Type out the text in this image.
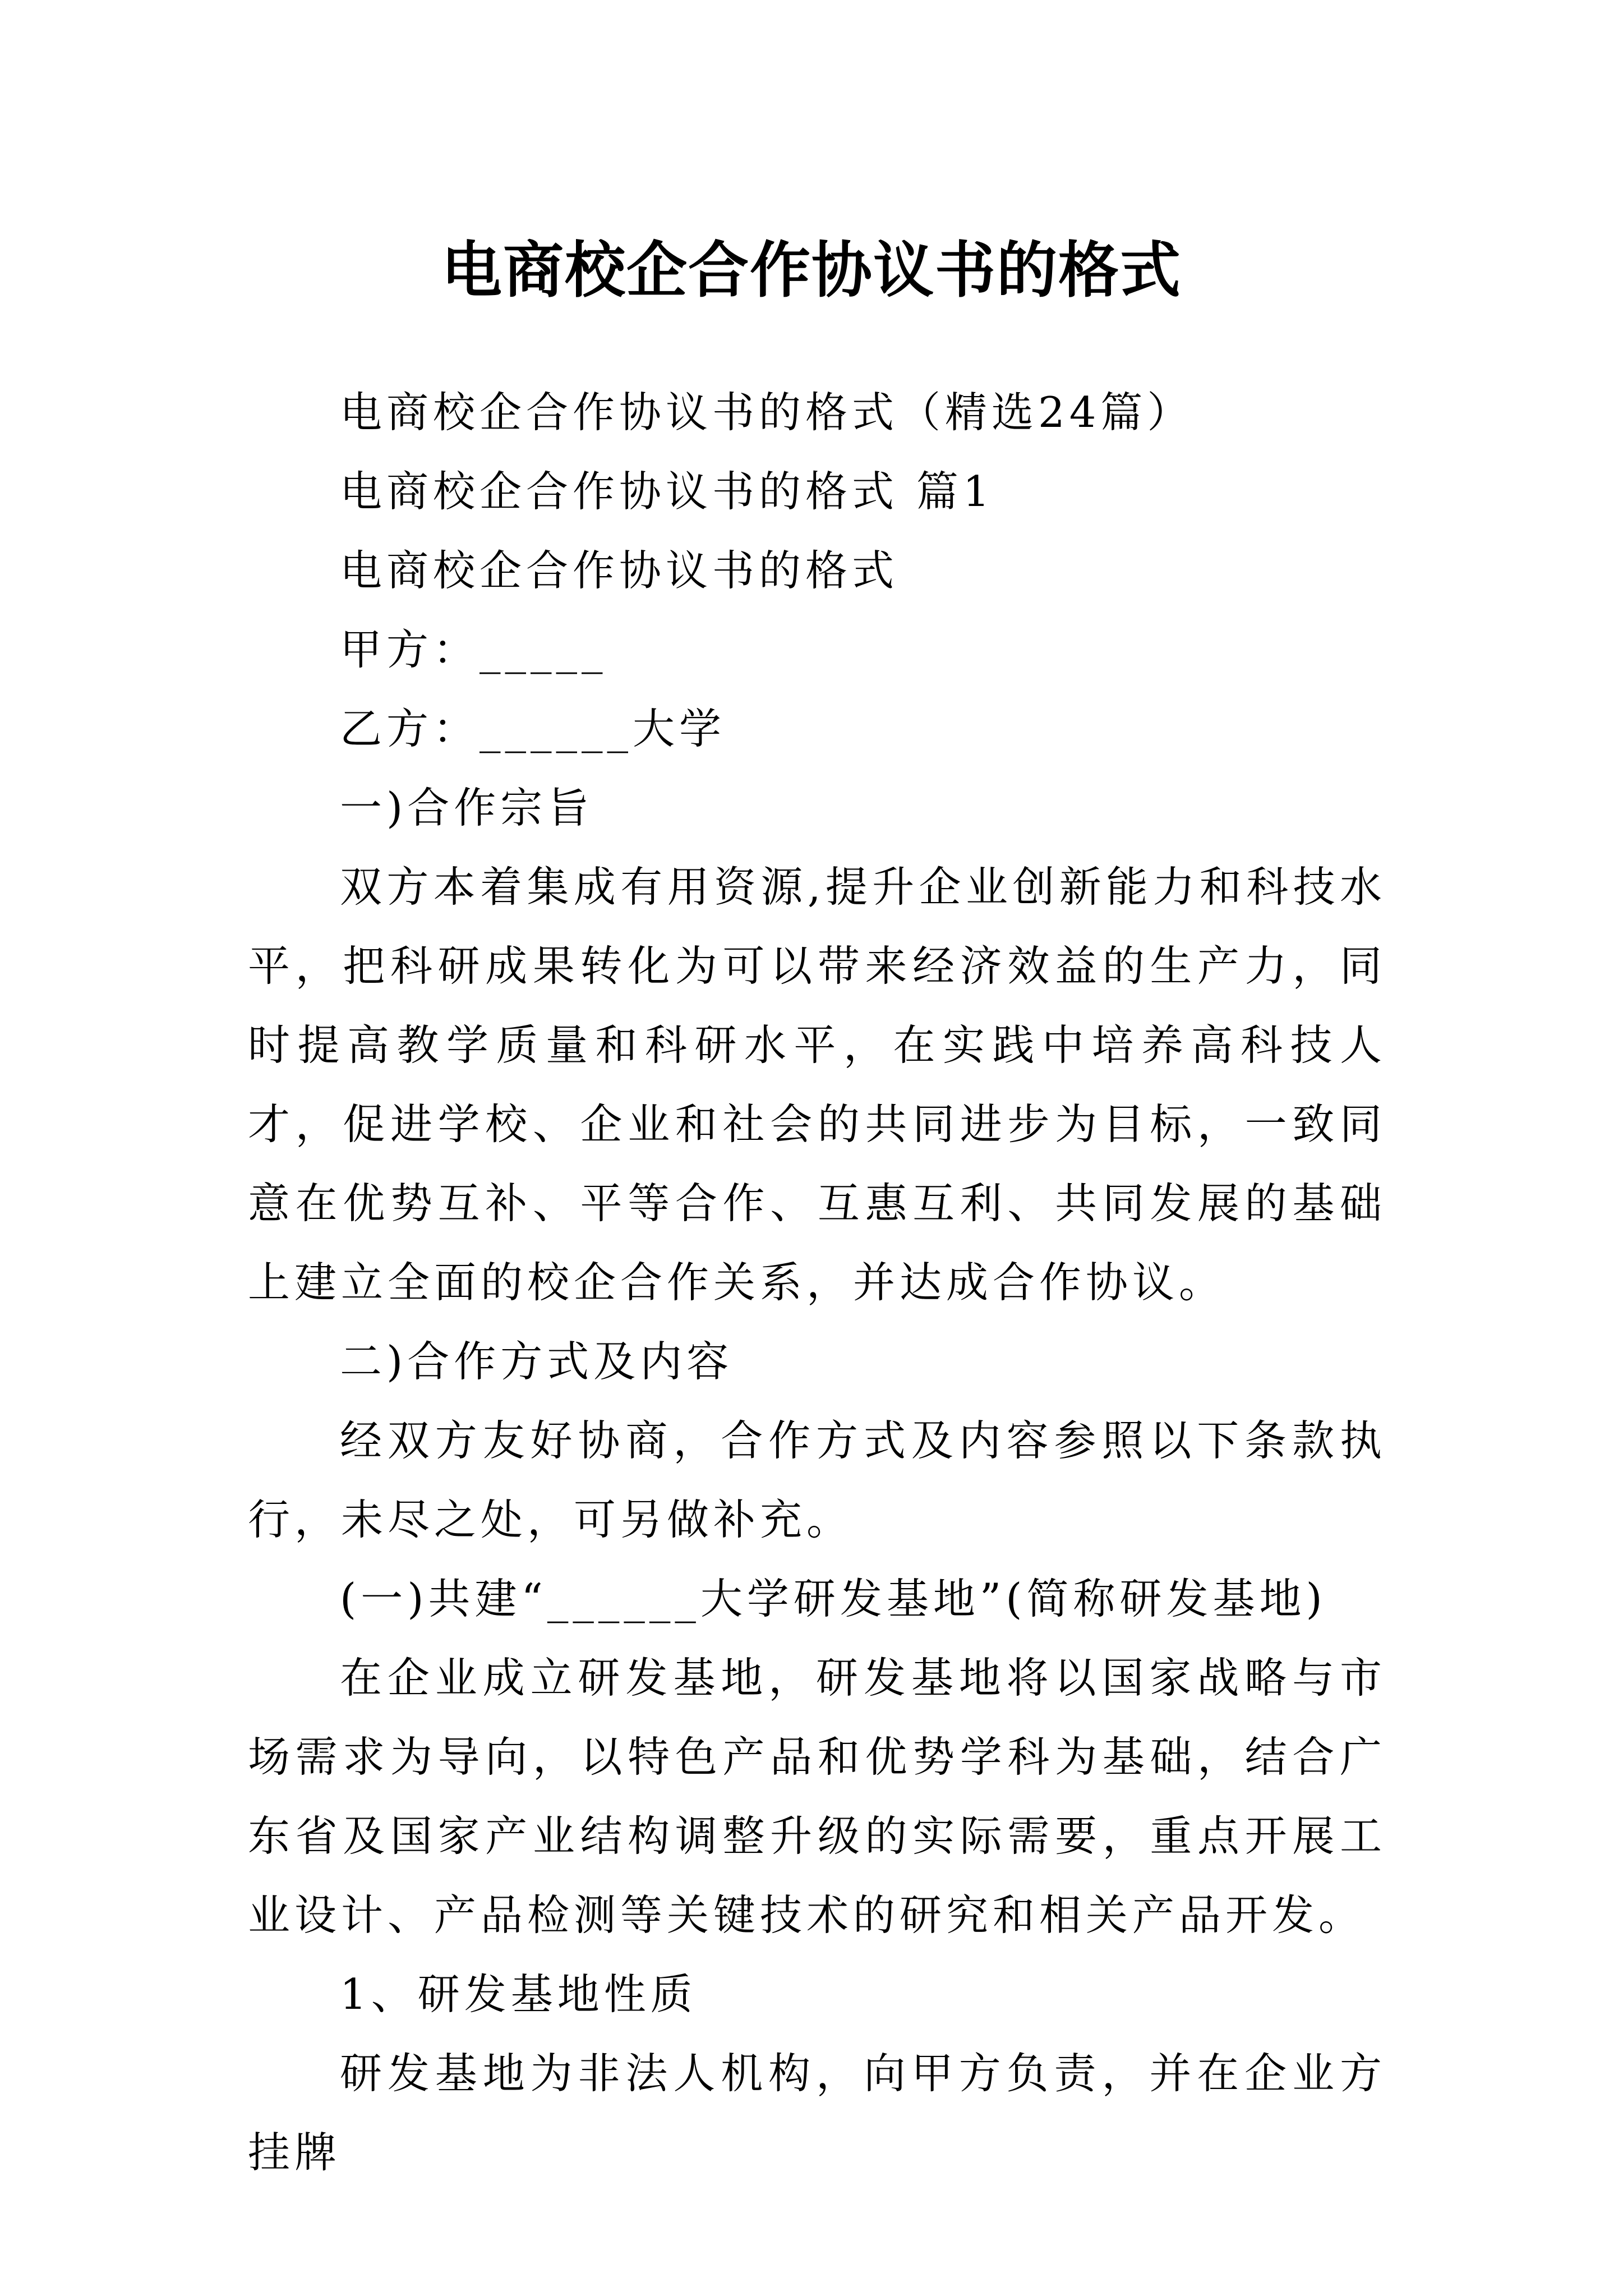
电商校企合作协议书的格式

电商校企合作协议书的格式（精选24篇）

电商校企合作协议书的格式 篇1

电商校企合作协议书的格式

甲方：_____

乙方：______大学

一)合作宗旨

双方本着集成有用资源,提升企业创新能力和科技水平，把科研成果转化为可以带来经济效益的生产力，同时提高教学质量和科研水平，在实践中培养高科技人才，促进学校、企业和社会的共同进步为目标，一致同意在优势互补、平等合作、互惠互利、共同发展的基础上建立全面的校企合作关系，并达成合作协议。

二)合作方式及内容

经双方友好协商，合作方式及内容参照以下条款执行，未尽之处，可另做补充。

(一)共建“______大学研发基地”(简称研发基地)

在企业成立研发基地，研发基地将以国家战略与市场需求为导向，以特色产品和优势学科为基础，结合广东省及国家产业结构调整升级的实际需要，重点开展工业设计、产品检测等关键技术的研究和相关产品开发。

1、研发基地性质

研发基地为非法人机构，向甲方负责，并在企业方挂牌
